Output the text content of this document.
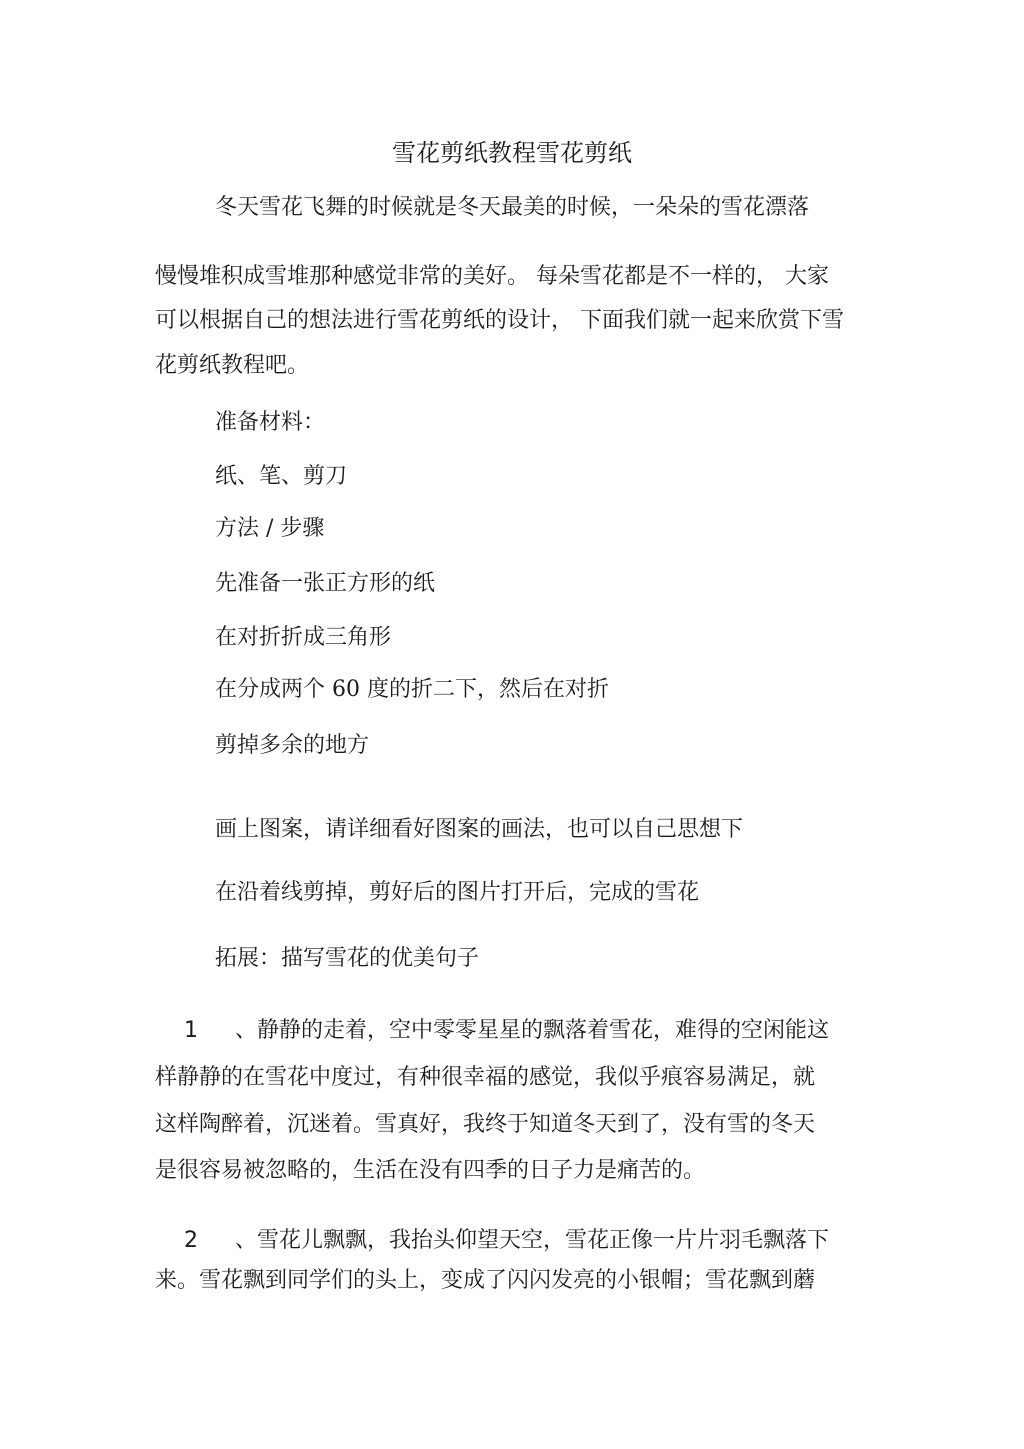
雪花剪纸教程雪花剪纸
冬天雪花飞舞的时候就是冬天最美的时候，一朵朵的雪花漂落
慢慢堆积成雪堆那种感觉非常的美好。 每朵雪花都是不一样的， 大家
可以根据自己的想法进行雪花剪纸的设计， 下面我们就一起来欣赏下雪
花剪纸教程吧。
准备材料：
纸、笔、剪刀
方法 / 步骤
先准备一张正方形的纸
在对折折成三角形
在分成两个 60 度的折二下，然后在对折
剪掉多余的地方
画上图案，请详细看好图案的画法，也可以自己思想下
在沿着线剪掉，剪好后的图片打开后，完成的雪花
拓展：描写雪花的优美句子
1 、静静的走着，空中零零星星的飘落着雪花，难得的空闲能这
样静静的在雪花中度过，有种很幸福的感觉，我似乎痕容易满足，就
这样陶醉着，沉迷着。雪真好，我终于知道冬天到了，没有雪的冬天
是很容易被忽略的，生活在没有四季的日子力是痛苦的。
2 、雪花儿飘飘，我抬头仰望天空，雪花正像一片片羽毛飘落下
来。雪花飘到同学们的头上，变成了闪闪发亮的小银帽；雪花飘到蘑
